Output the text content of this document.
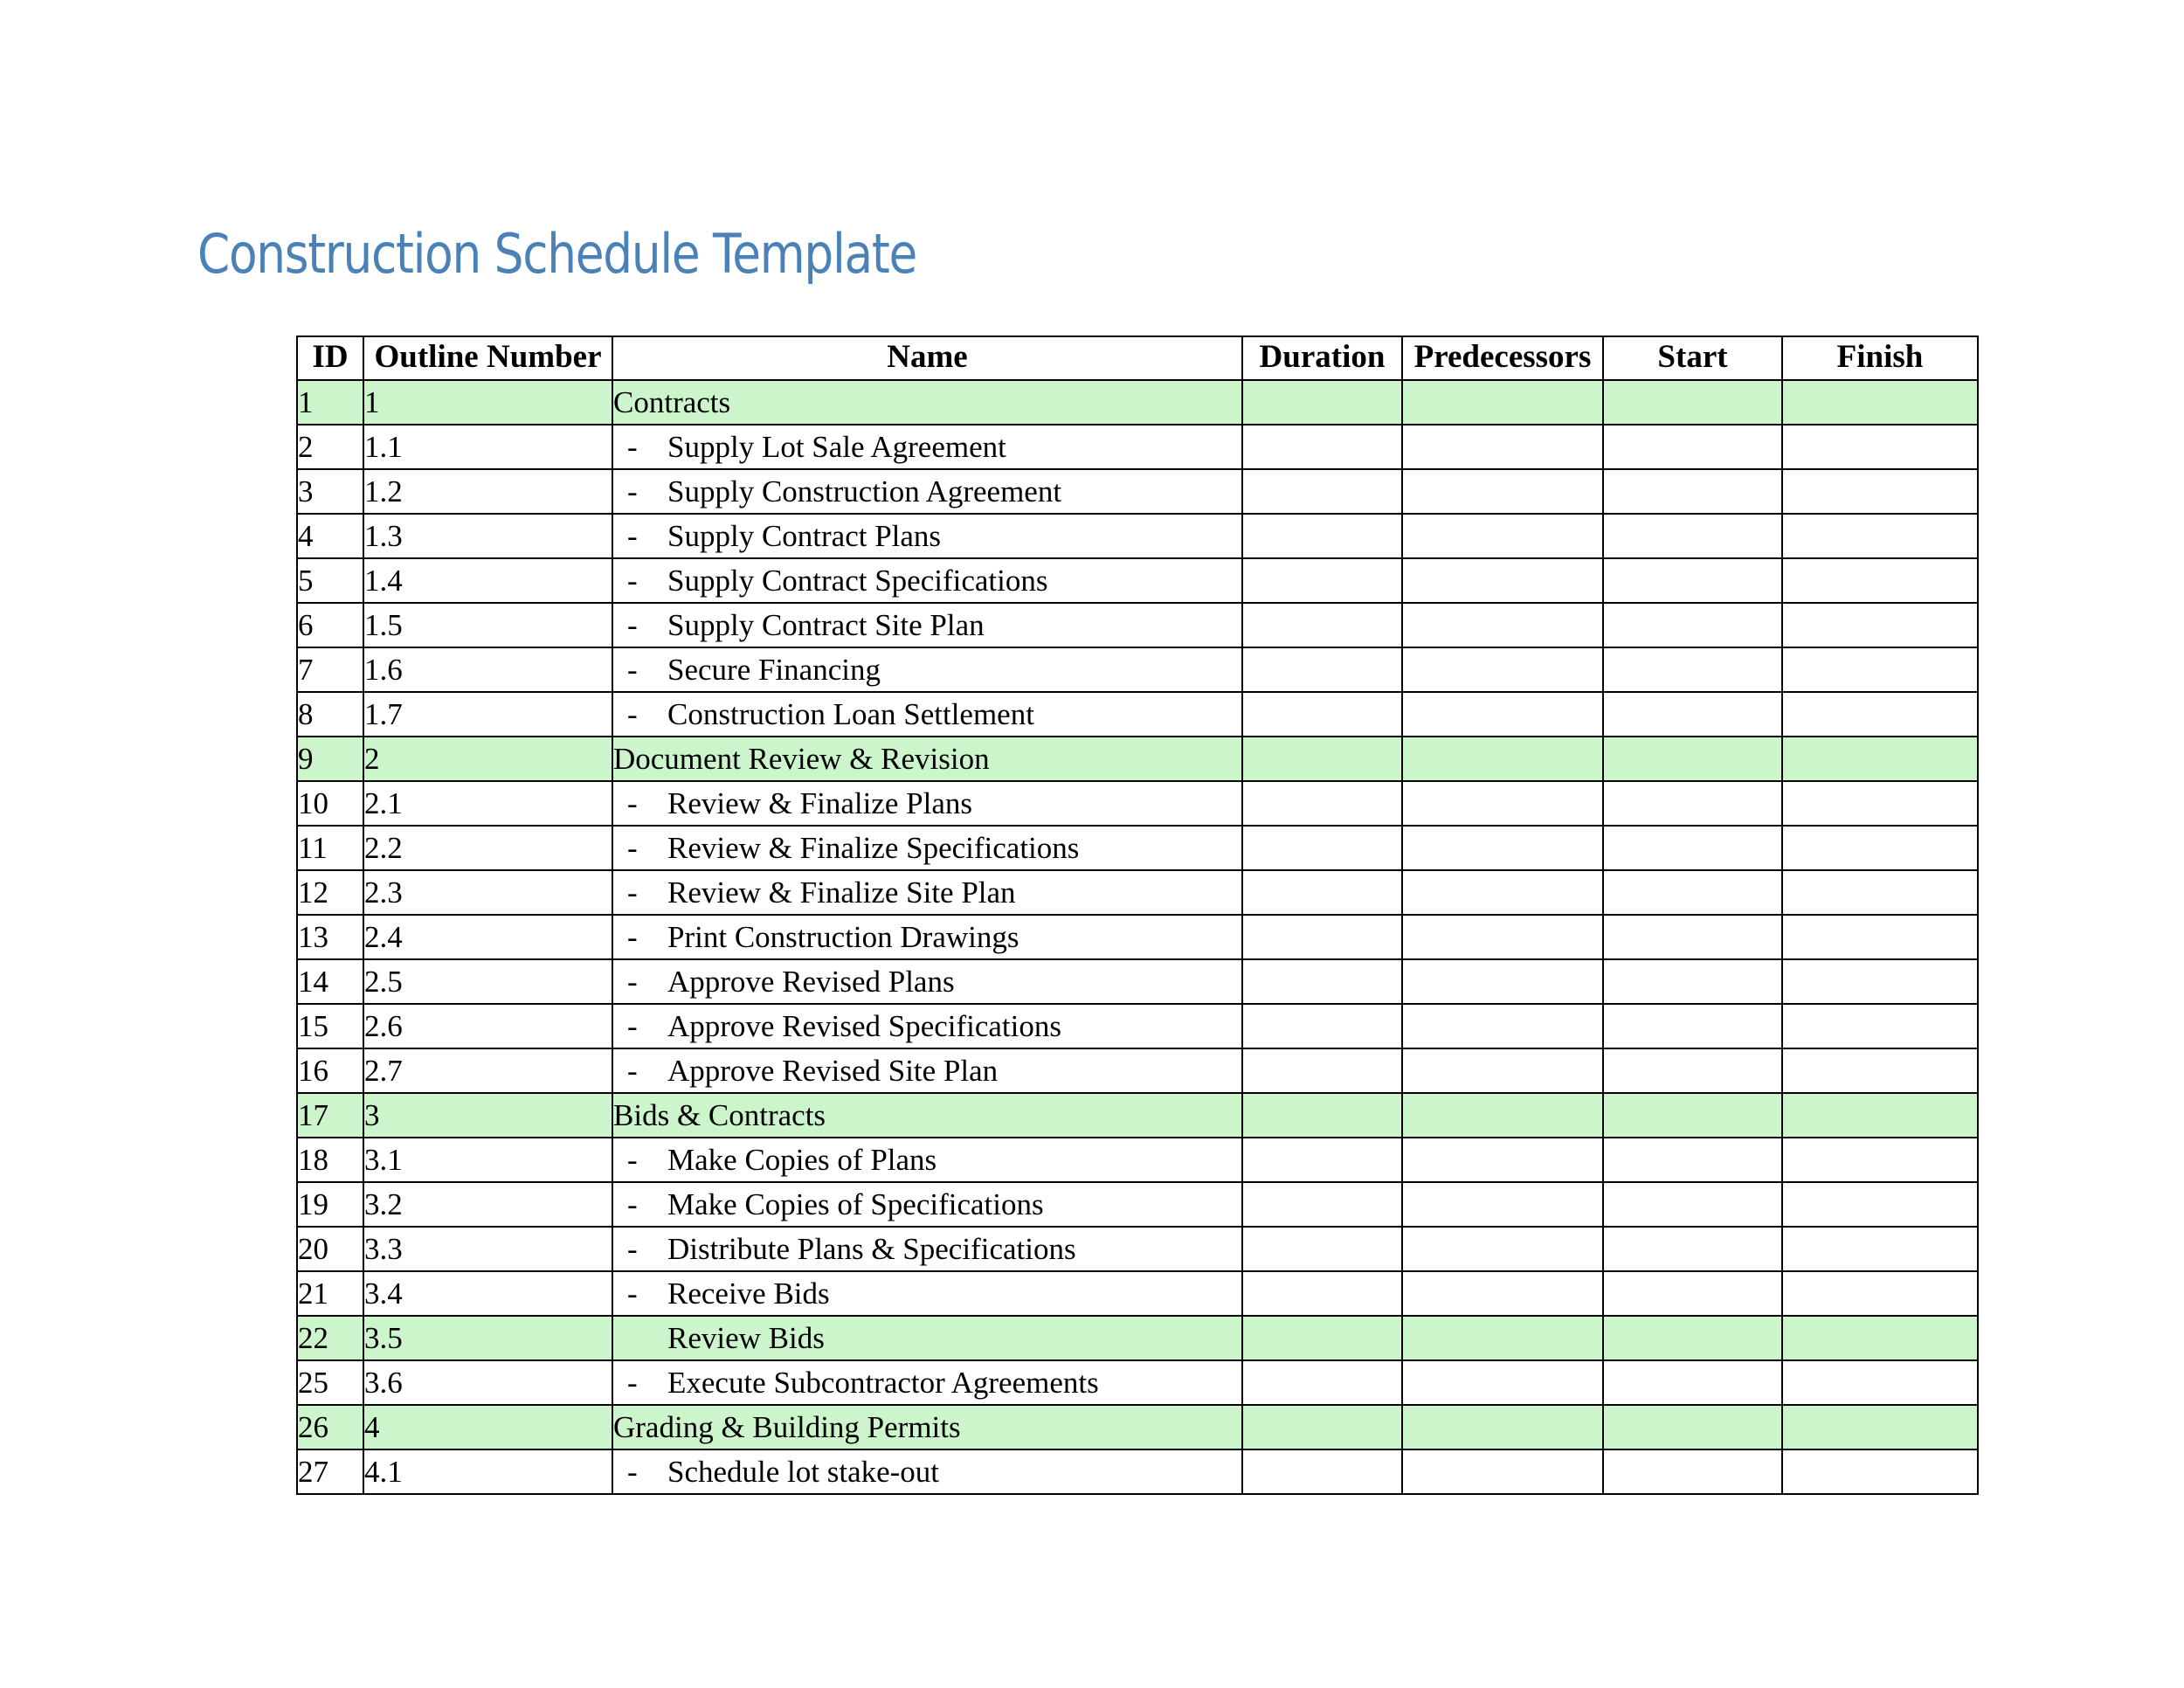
Construction Schedule Template
ID	Outline Number	Name	Duration	Predecessors	Start	Finish
1	1	Contracts				
2	1.1	- Supply Lot Sale Agreement				
3	1.2	- Supply Construction Agreement				
4	1.3	- Supply Contract Plans				
5	1.4	- Supply Contract Specifications				
6	1.5	- Supply Contract Site Plan				
7	1.6	- Secure Financing				
8	1.7	- Construction Loan Settlement				
9	2	Document Review & Revision				
10	2.1	- Review & Finalize Plans				
11	2.2	- Review & Finalize Specifications				
12	2.3	- Review & Finalize Site Plan				
13	2.4	- Print Construction Drawings				
14	2.5	- Approve Revised Plans				
15	2.6	- Approve Revised Specifications				
16	2.7	- Approve Revised Site Plan				
17	3	Bids & Contracts				
18	3.1	- Make Copies of Plans				
19	3.2	- Make Copies of Specifications				
20	3.3	- Distribute Plans & Specifications				
21	3.4	- Receive Bids				
22	3.5	Review Bids				
25	3.6	- Execute Subcontractor Agreements				
26	4	Grading & Building Permits				
27	4.1	- Schedule lot stake-out				
